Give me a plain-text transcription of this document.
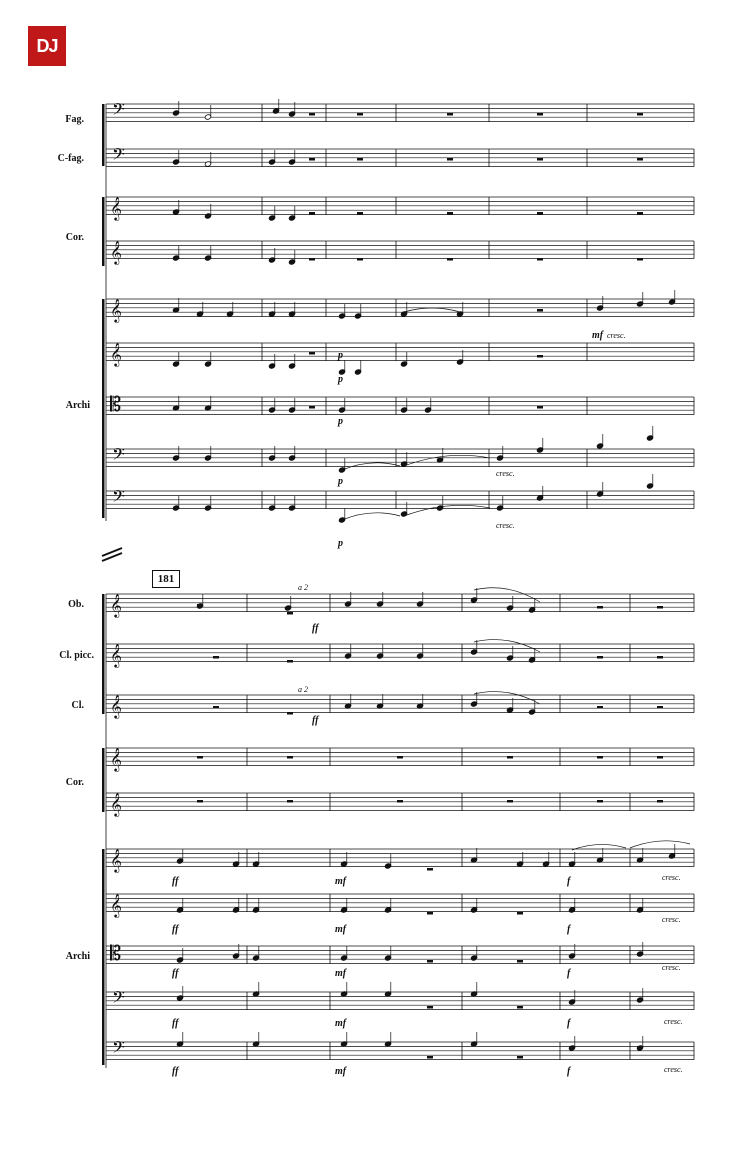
DJ
Fag.
C-fag.
Cor.
Archi
181
Ob.
Cl. picc.
Cl.
Cor.
Archi
𝄢
𝄢
𝄢
𝄢
𝄞
𝄞
𝄞
𝄞
𝄡
𝄞
𝄞
𝄞
𝄞
𝄞
𝄞
𝄞
𝄡
𝄢
𝄢
p
mf cresc.
p
p
p
cresc.
p
cresc.
a 2
ff
a 2
ff
ff	mf	f	cresc.
ff	mf	f
cresc.
ff	mf	f
cresc.
ff	mf	f	cresc.
ff	mf	f	cresc.
